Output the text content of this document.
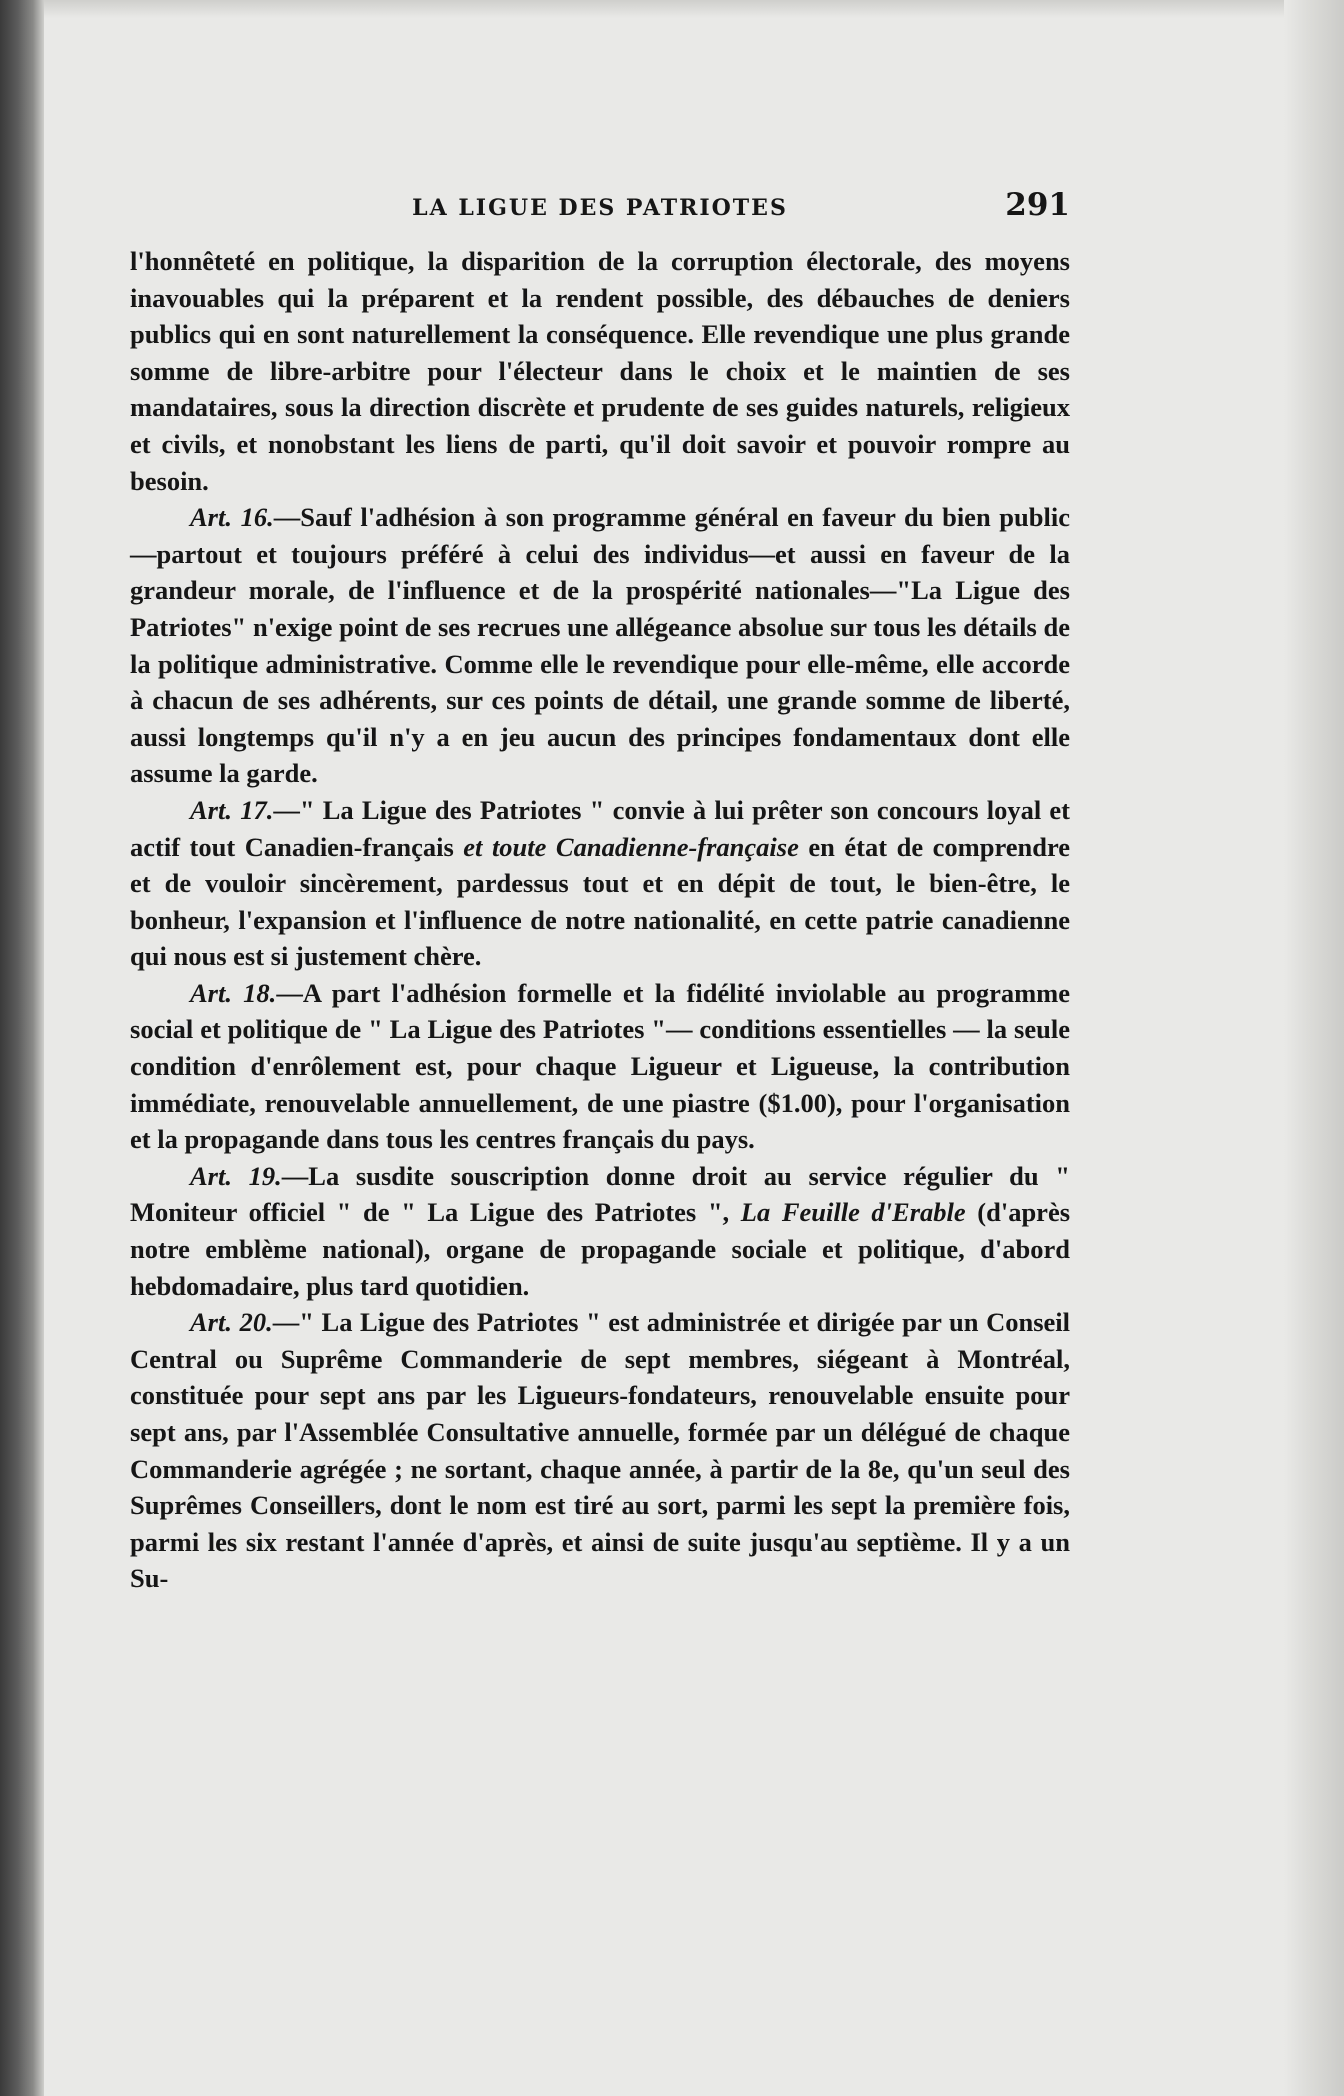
LA LIGUE DES PATRIOTES	291

l'honnêteté en politique, la disparition de la corruption électorale, des moyens inavouables qui la préparent et la rendent possible, des débauches de deniers publics qui en sont naturellement la conséquence. Elle revendique une plus grande somme de libre-arbitre pour l'électeur dans le choix et le maintien de ses mandataires, sous la direction discrète et prudente de ses guides naturels, religieux et civils, et nonobstant les liens de parti, qu'il doit savoir et pouvoir rompre au besoin.

Art. 16.—Sauf l'adhésion à son programme général en faveur du bien public—partout et toujours préféré à celui des individus—et aussi en faveur de la grandeur morale, de l'influence et de la prospérité nationales—"La Ligue des Patriotes" n'exige point de ses recrues une allégeance absolue sur tous les détails de la politique administrative. Comme elle le revendique pour elle-même, elle accorde à chacun de ses adhérents, sur ces points de détail, une grande somme de liberté, aussi longtemps qu'il n'y a en jeu aucun des principes fondamentaux dont elle assume la garde.

Art. 17.—" La Ligue des Patriotes " convie à lui prêter son concours loyal et actif tout Canadien-français et toute Canadienne-française en état de comprendre et de vouloir sincèrement, pardessus tout et en dépit de tout, le bien-être, le bonheur, l'expansion et l'influence de notre nationalité, en cette patrie canadienne qui nous est si justement chère.

Art. 18.—A part l'adhésion formelle et la fidélité inviolable au programme social et politique de " La Ligue des Patriotes "— conditions essentielles — la seule condition d'enrôlement est, pour chaque Ligueur et Ligueuse, la contribution immédiate, renouvelable annuellement, de une piastre ($1.00), pour l'organisation et la propagande dans tous les centres français du pays.

Art. 19.—La susdite souscription donne droit au service régulier du " Moniteur officiel " de " La Ligue des Patriotes ", La Feuille d'Erable (d'après notre emblème national), organe de propagande sociale et politique, d'abord hebdomadaire, plus tard quotidien.

Art. 20.—" La Ligue des Patriotes " est administrée et dirigée par un Conseil Central ou Suprême Commanderie de sept membres, siégeant à Montréal, constituée pour sept ans par les Ligueurs-fondateurs, renouvelable ensuite pour sept ans, par l'Assemblée Consultative annuelle, formée par un délégué de chaque Commanderie agrégée ; ne sortant, chaque année, à partir de la 8e, qu'un seul des Suprêmes Conseillers, dont le nom est tiré au sort, parmi les sept la première fois, parmi les six restant l'année d'après, et ainsi de suite jusqu'au septième. Il y a un Su-
